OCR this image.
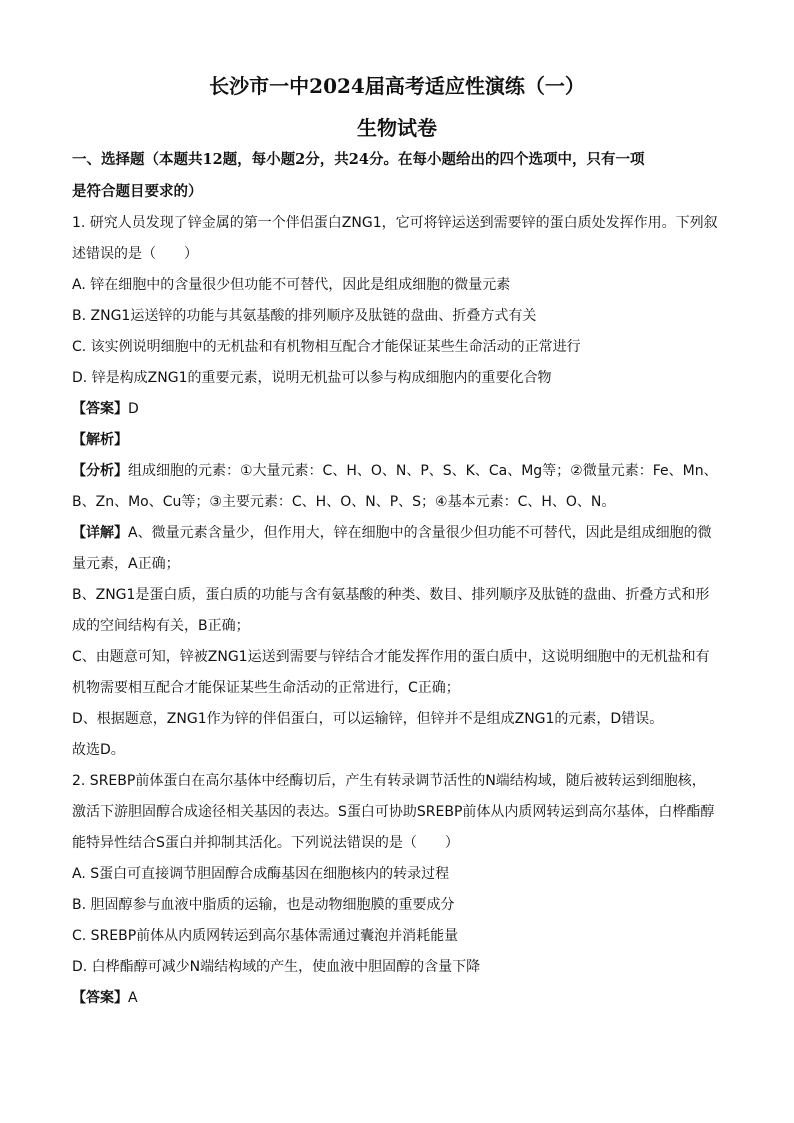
长沙市一中2024届高考适应性演练（一）
生物试卷
一、选择题（本题共12题，每小题2分，共24分。在每小题给出的四个选项中，只有一项
是符合题目要求的）
1. 研究人员发现了锌金属的第一个伴侣蛋白ZNG1，它可将锌运送到需要锌的蛋白质处发挥作用。下列叙
述错误的是（　　）
A. 锌在细胞中的含量很少但功能不可替代，因此是组成细胞的微量元素
B. ZNG1运送锌的功能与其氨基酸的排列顺序及肽链的盘曲、折叠方式有关
C. 该实例说明细胞中的无机盐和有机物相互配合才能保证某些生命活动的正常进行
D. 锌是构成ZNG1的重要元素，说明无机盐可以参与构成细胞内的重要化合物
【答案】D
【解析】
【分析】组成细胞的元素：①大量元素：C、H、O、N、P、S、K、Ca、Mg等；②微量元素：Fe、Mn、
B、Zn、Mo、Cu等；③主要元素：C、H、O、N、P、S；④基本元素：C、H、O、N。
【详解】A、微量元素含量少，但作用大，锌在细胞中的含量很少但功能不可替代，因此是组成细胞的微
量元素，A正确；
B、ZNG1是蛋白质，蛋白质的功能与含有氨基酸的种类、数目、排列顺序及肽链的盘曲、折叠方式和形
成的空间结构有关，B正确；
C、由题意可知，锌被ZNG1运送到需要与锌结合才能发挥作用的蛋白质中，这说明细胞中的无机盐和有
机物需要相互配合才能保证某些生命活动的正常进行，C正确；
D、根据题意，ZNG1作为锌的伴侣蛋白，可以运输锌，但锌并不是组成ZNG1的元素，D错误。
故选D。
2. SREBP前体蛋白在高尔基体中经酶切后，产生有转录调节活性的N端结构域，随后被转运到细胞核，
激活下游胆固醇合成途径相关基因的表达。S蛋白可协助SREBP前体从内质网转运到高尔基体，白桦酯醇
能特异性结合S蛋白并抑制其活化。下列说法错误的是（　　）
A. S蛋白可直接调节胆固醇合成酶基因在细胞核内的转录过程
B. 胆固醇参与血液中脂质的运输，也是动物细胞膜的重要成分
C. SREBP前体从内质网转运到高尔基体需通过囊泡并消耗能量
D. 白桦酯醇可减少N端结构域的产生，使血液中胆固醇的含量下降
【答案】A
